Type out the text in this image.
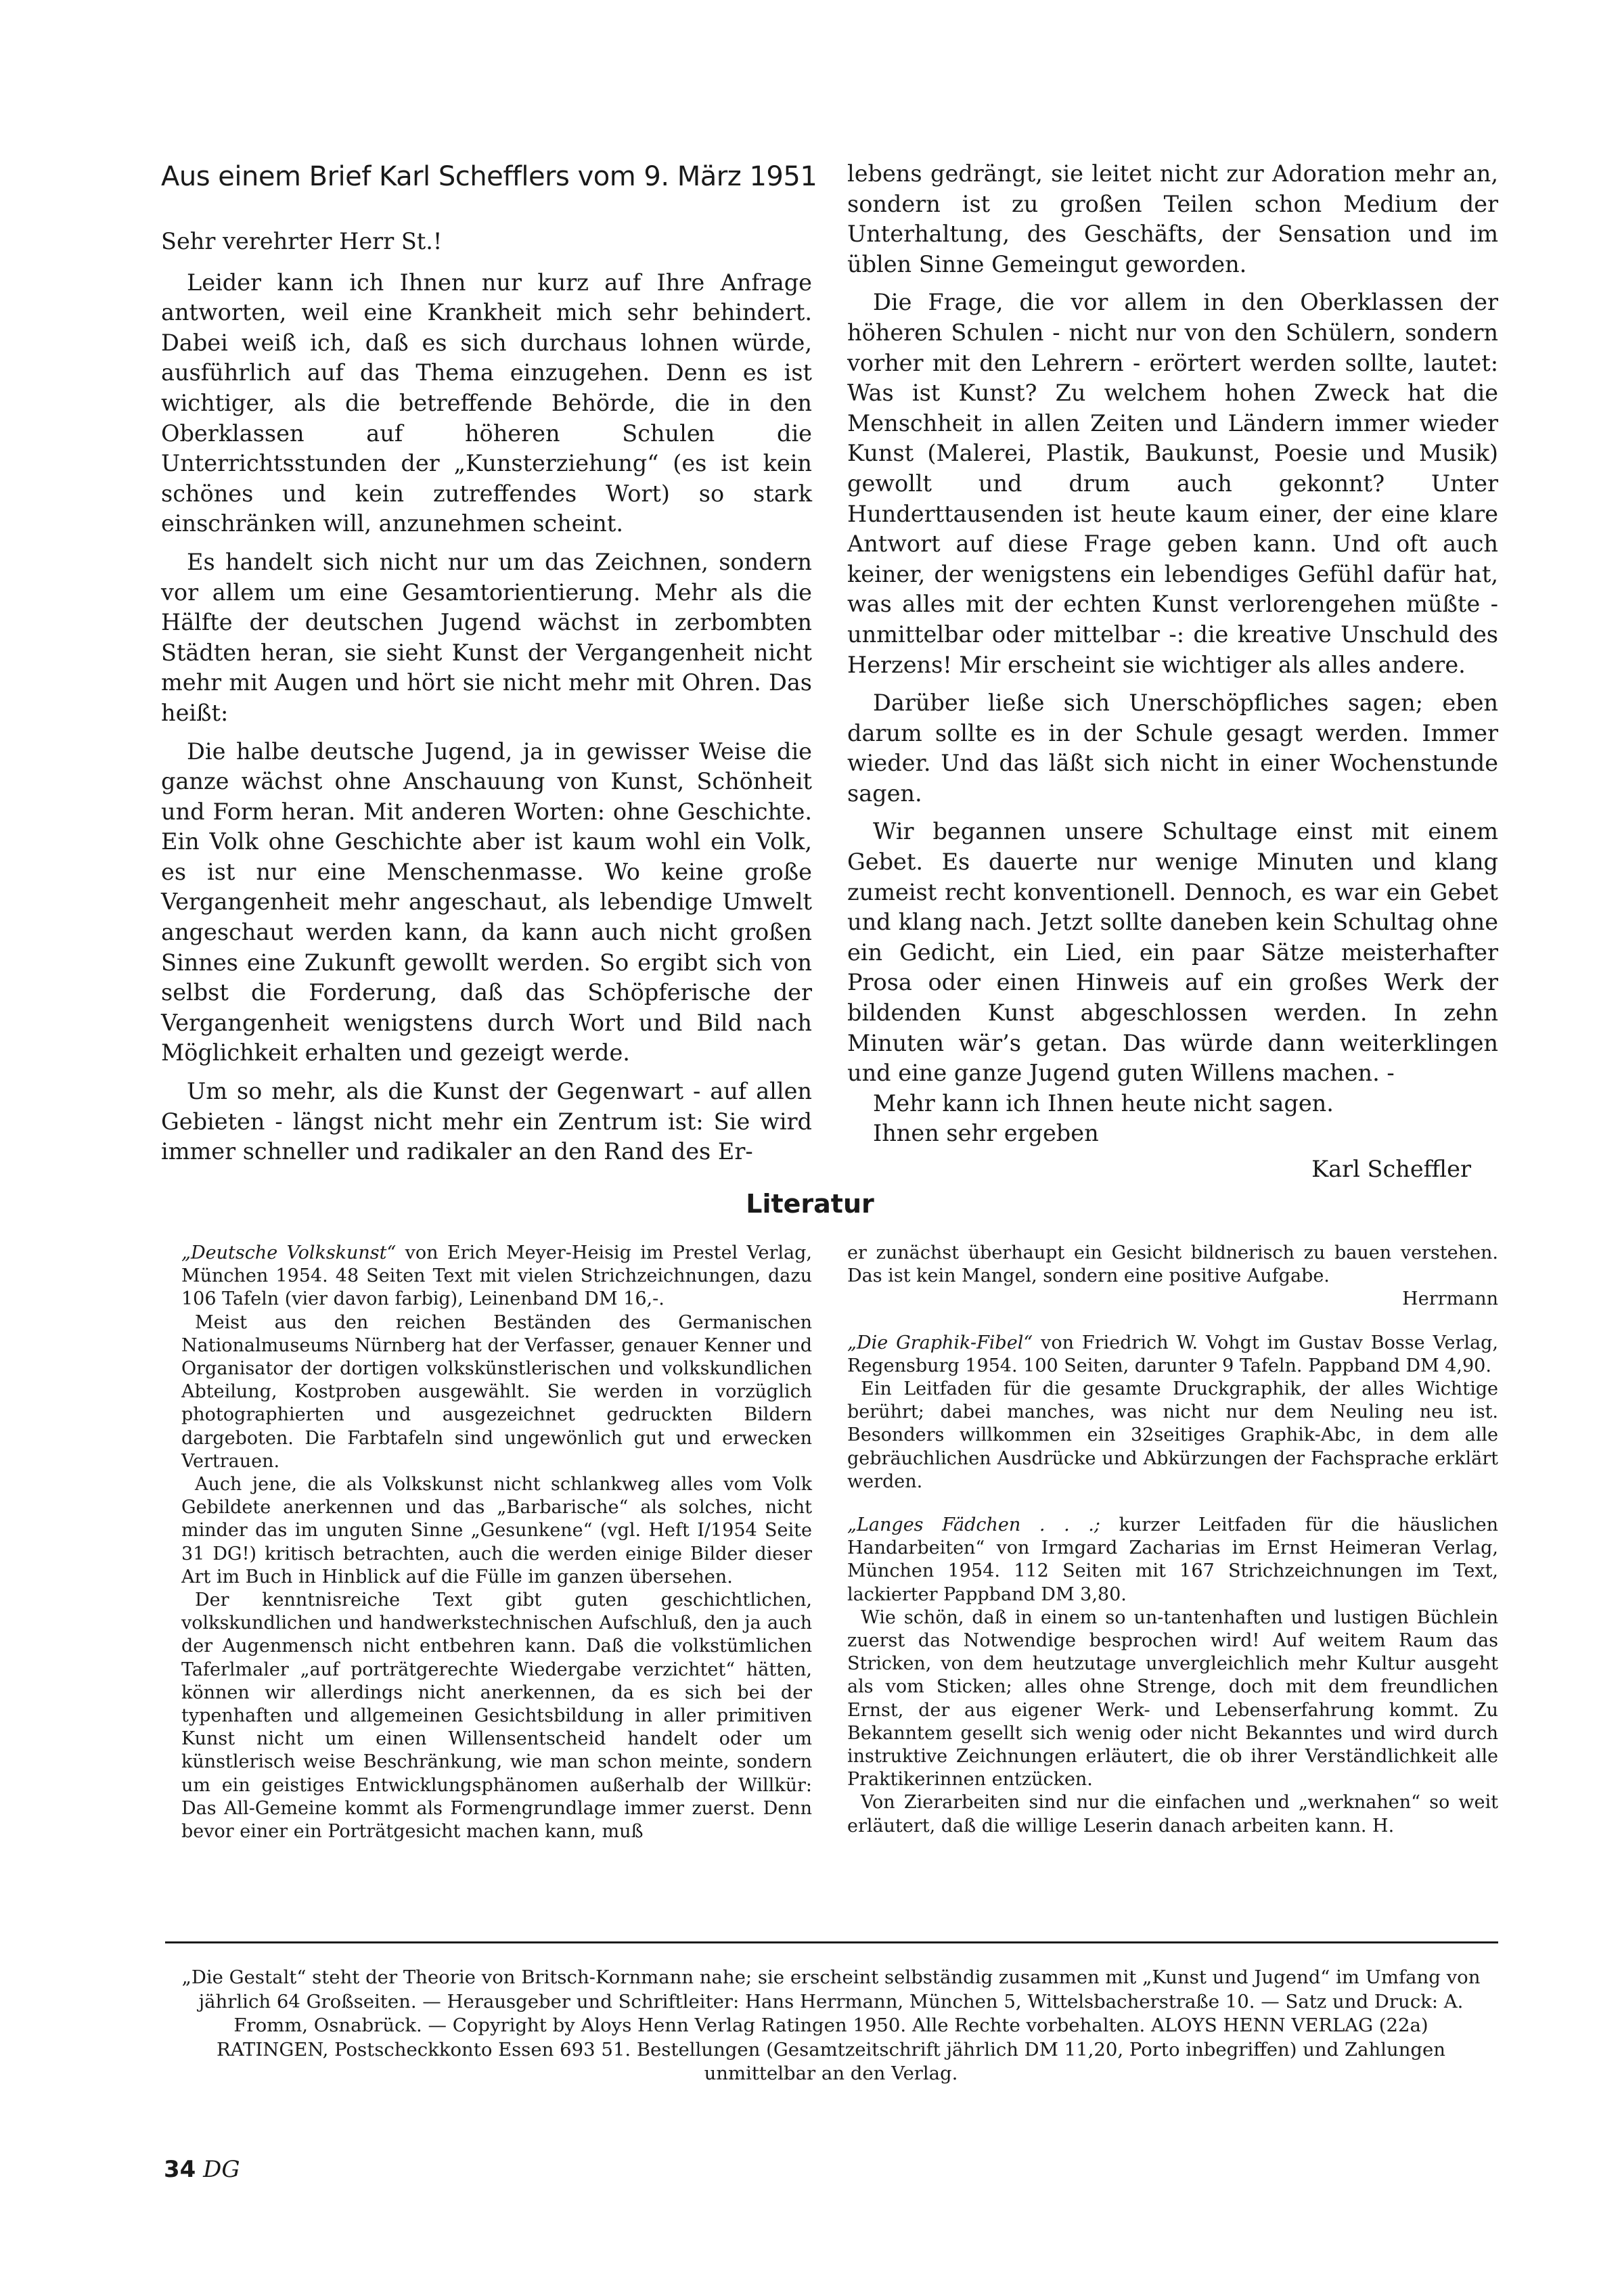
Aus einem Brief Karl Schefflers vom 9. März 1951

Sehr verehrter Herr St.!

Leider kann ich Ihnen nur kurz auf Ihre Anfrage antworten, weil eine Krankheit mich sehr behindert. Dabei weiß ich, daß es sich durchaus lohnen würde, ausführlich auf das Thema einzugehen. Denn es ist wichtiger, als die betreffende Behörde, die in den Oberklassen auf höheren Schulen die Unterrichtsstunden der „Kunsterziehung“ (es ist kein schönes und kein zutreffendes Wort) so stark einschränken will, anzunehmen scheint.

Es handelt sich nicht nur um das Zeichnen, sondern vor allem um eine Gesamtorientierung. Mehr als die Hälfte der deutschen Jugend wächst in zerbombten Städten heran, sie sieht Kunst der Vergangenheit nicht mehr mit Augen und hört sie nicht mehr mit Ohren. Das heißt:

Die halbe deutsche Jugend, ja in gewisser Weise die ganze wächst ohne Anschauung von Kunst, Schönheit und Form heran. Mit anderen Worten: ohne Geschichte. Ein Volk ohne Geschichte aber ist kaum wohl ein Volk, es ist nur eine Menschenmasse. Wo keine große Vergangenheit mehr angeschaut, als lebendige Umwelt angeschaut werden kann, da kann auch nicht großen Sinnes eine Zukunft gewollt werden. So ergibt sich von selbst die Forderung, daß das Schöpferische der Vergangenheit wenigstens durch Wort und Bild nach Möglichkeit erhalten und gezeigt werde.

Um so mehr, als die Kunst der Gegenwart - auf allen Gebieten - längst nicht mehr ein Zentrum ist: Sie wird immer schneller und radikaler an den Rand des Er-

lebens gedrängt, sie leitet nicht zur Adoration mehr an, sondern ist zu großen Teilen schon Medium der Unterhaltung, des Geschäfts, der Sensation und im üblen Sinne Gemeingut geworden.

Die Frage, die vor allem in den Oberklassen der höheren Schulen - nicht nur von den Schülern, sondern vorher mit den Lehrern - erörtert werden sollte, lautet: Was ist Kunst? Zu welchem hohen Zweck hat die Menschheit in allen Zeiten und Ländern immer wieder Kunst (Malerei, Plastik, Baukunst, Poesie und Musik) gewollt und drum auch gekonnt? Unter Hunderttausenden ist heute kaum einer, der eine klare Antwort auf diese Frage geben kann. Und oft auch keiner, der wenigstens ein lebendiges Gefühl dafür hat, was alles mit der echten Kunst verlorengehen müßte - unmittelbar oder mittelbar -: die kreative Unschuld des Herzens! Mir erscheint sie wichtiger als alles andere.

Darüber ließe sich Unerschöpfliches sagen; eben darum sollte es in der Schule gesagt werden. Immer wieder. Und das läßt sich nicht in einer Wochenstunde sagen.

Wir begannen unsere Schultage einst mit einem Gebet. Es dauerte nur wenige Minuten und klang zumeist recht konventionell. Dennoch, es war ein Gebet und klang nach. Jetzt sollte daneben kein Schultag ohne ein Gedicht, ein Lied, ein paar Sätze meisterhafter Prosa oder einen Hinweis auf ein großes Werk der bildenden Kunst abgeschlossen werden. In zehn Minuten wär’s getan. Das würde dann weiterklingen und eine ganze Jugend guten Willens machen. -

Mehr kann ich Ihnen heute nicht sagen.

Ihnen sehr ergeben

Karl Scheffler
Literatur

„Deutsche Volkskunst“ von Erich Meyer-Heisig im Prestel Verlag, München 1954. 48 Seiten Text mit vielen Strichzeichnungen, dazu 106 Tafeln (vier davon farbig), Leinenband DM 16,-.

Meist aus den reichen Beständen des Germanischen Nationalmuseums Nürnberg hat der Verfasser, genauer Kenner und Organisator der dortigen volkskünstlerischen und volkskundlichen Abteilung, Kostproben ausgewählt. Sie werden in vorzüglich photographierten und ausgezeichnet gedruckten Bildern dargeboten. Die Farbtafeln sind ungewönlich gut und erwecken Vertrauen.

Auch jene, die als Volkskunst nicht schlankweg alles vom Volk Gebildete anerkennen und das „Barbarische“ als solches, nicht minder das im unguten Sinne „Gesunkene“ (vgl. Heft I/1954 Seite 31 DG!) kritisch betrachten, auch die werden einige Bilder dieser Art im Buch in Hinblick auf die Fülle im ganzen übersehen.

Der kenntnisreiche Text gibt guten geschichtlichen, volkskundlichen und handwerkstechnischen Aufschluß, den ja auch der Augenmensch nicht entbehren kann. Daß die volkstümlichen Taferlmaler „auf porträtgerechte Wiedergabe verzichtet“ hätten, können wir allerdings nicht anerkennen, da es sich bei der typenhaften und allgemeinen Gesichtsbildung in aller primitiven Kunst nicht um einen Willensentscheid handelt oder um künstlerisch weise Beschränkung, wie man schon meinte, sondern um ein geistiges Entwicklungsphänomen außerhalb der Willkür: Das All-Gemeine kommt als Formengrundlage immer zuerst. Denn bevor einer ein Porträtgesicht machen kann, muß

er zunächst überhaupt ein Gesicht bildnerisch zu bauen verstehen. Das ist kein Mangel, sondern eine positive Aufgabe.

Herrmann

„Die Graphik-Fibel“ von Friedrich W. Vohgt im Gustav Bosse Verlag, Regensburg 1954. 100 Seiten, darunter 9 Tafeln. Pappband DM 4,90.

Ein Leitfaden für die gesamte Druckgraphik, der alles Wichtige berührt; dabei manches, was nicht nur dem Neuling neu ist. Besonders willkommen ein 32seitiges Graphik-Abc, in dem alle gebräuchlichen Ausdrücke und Abkürzungen der Fachsprache erklärt werden.

„Langes Fädchen . . .; kurzer Leitfaden für die häuslichen Handarbeiten“ von Irmgard Zacharias im Ernst Heimeran Verlag, München 1954. 112 Seiten mit 167 Strichzeichnungen im Text, lackierter Pappband DM 3,80.

Wie schön, daß in einem so un-tantenhaften und lustigen Büchlein zuerst das Notwendige besprochen wird! Auf weitem Raum das Stricken, von dem heutzutage unvergleichlich mehr Kultur ausgeht als vom Sticken; alles ohne Strenge, doch mit dem freundlichen Ernst, der aus eigener Werk- und Lebenserfahrung kommt. Zu Bekanntem gesellt sich wenig oder nicht Bekanntes und wird durch instruktive Zeichnungen erläutert, die ob ihrer Verständlichkeit alle Praktikerinnen entzücken.

Von Zierarbeiten sind nur die einfachen und „werknahen“ so weit erläutert, daß die willige Leserin danach arbeiten kann. H.

„Die Gestalt“ steht der Theorie von Britsch-Kornmann nahe; sie erscheint selbständig zusammen mit „Kunst und Jugend“ im Umfang von jährlich 64 Großseiten. — Herausgeber und Schriftleiter: Hans Herrmann, München 5, Wittelsbacherstraße 10. — Satz und Druck: A. Fromm, Osnabrück. — Copyright by Aloys Henn Verlag Ratingen 1950. Alle Rechte vorbehalten. ALOYS HENN VERLAG (22a) RATINGEN, Postscheckkonto Essen 693 51. Bestellungen (Gesamtzeitschrift jährlich DM 11,20, Porto inbegriffen) und Zahlungen unmittelbar an den Verlag.

34 DG
